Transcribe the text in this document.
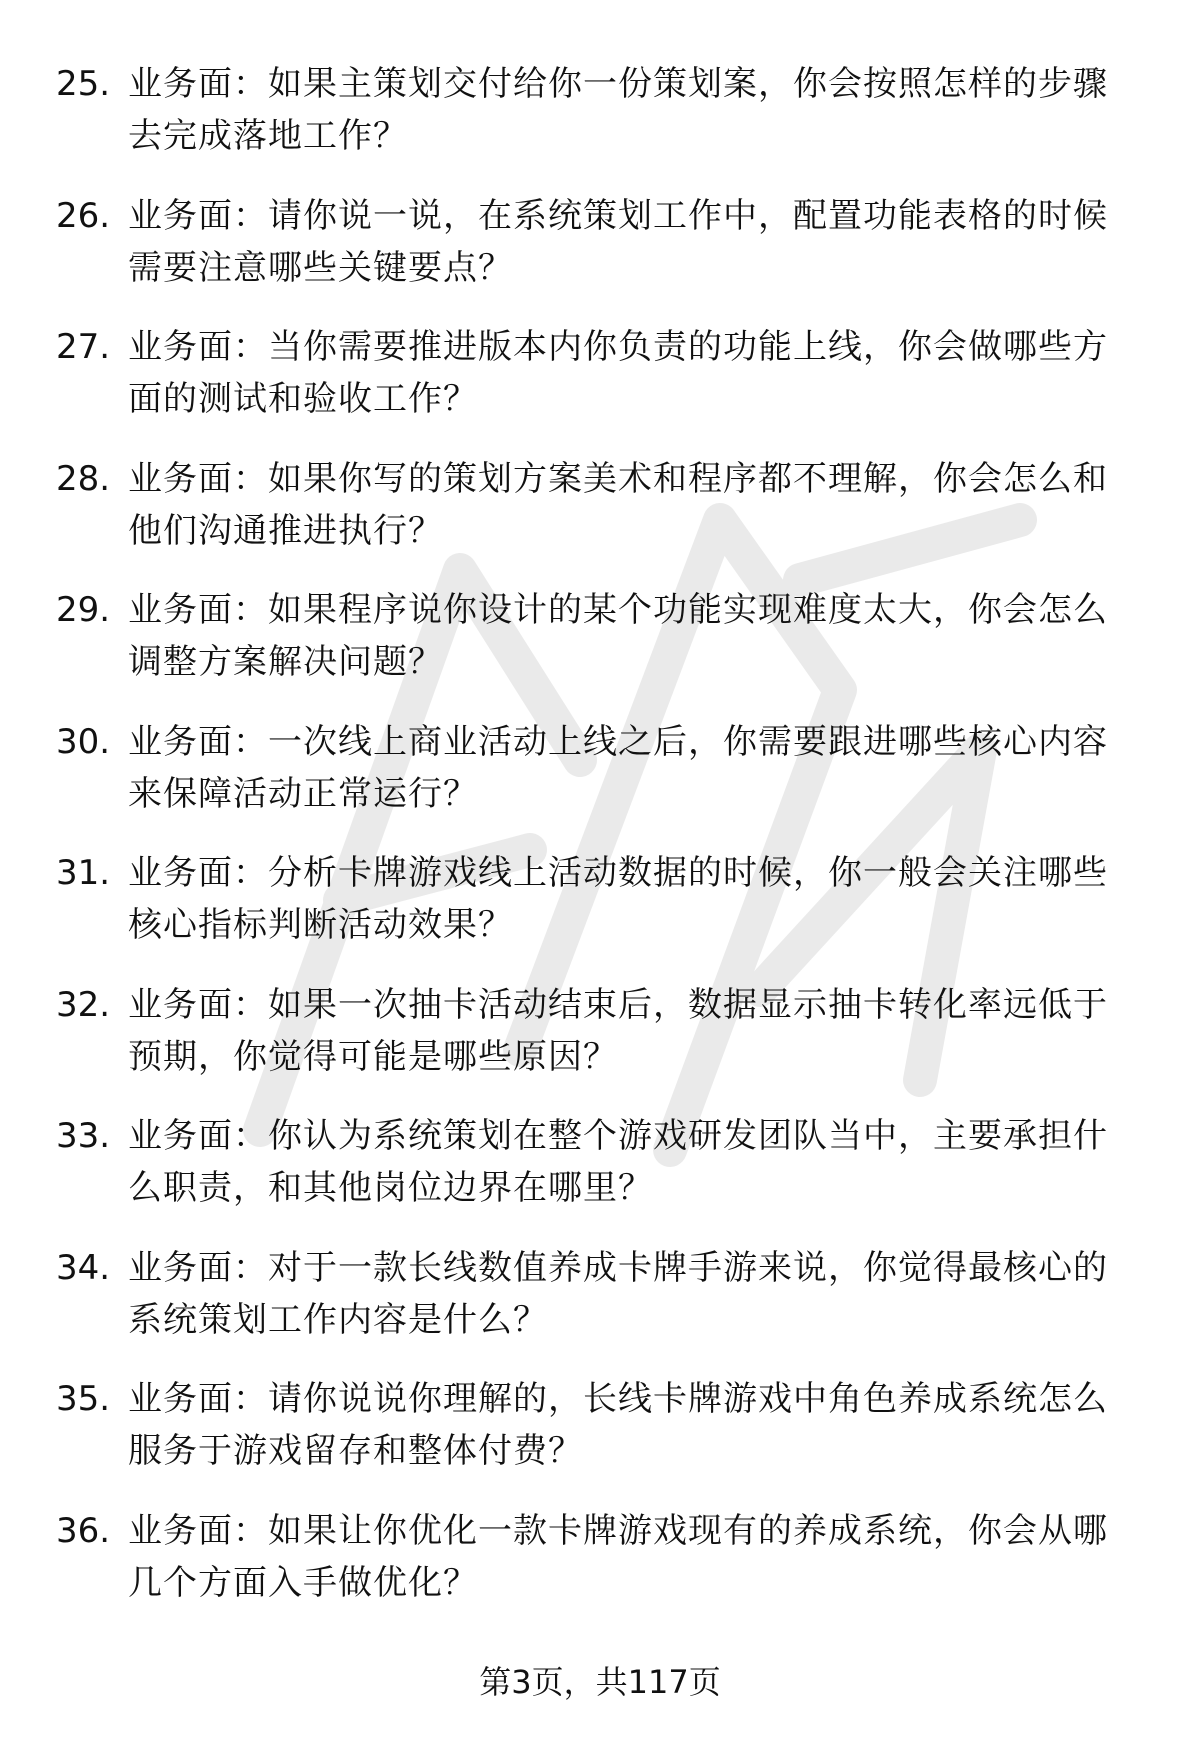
25. 业务面：如果主策划交付给你一份策划案，你会按照怎样的步骤去完成落地工作？
26. 业务面：请你说一说，在系统策划工作中，配置功能表格的时候需要注意哪些关键要点？
27. 业务面：当你需要推进版本内你负责的功能上线，你会做哪些方面的测试和验收工作？
28. 业务面：如果你写的策划方案美术和程序都不理解，你会怎么和他们沟通推进执行？
29. 业务面：如果程序说你设计的某个功能实现难度太大，你会怎么调整方案解决问题？
30. 业务面：一次线上商业活动上线之后，你需要跟进哪些核心内容来保障活动正常运行？
31. 业务面：分析卡牌游戏线上活动数据的时候，你一般会关注哪些核心指标判断活动效果？
32. 业务面：如果一次抽卡活动结束后，数据显示抽卡转化率远低于预期，你觉得可能是哪些原因？
33. 业务面：你认为系统策划在整个游戏研发团队当中，主要承担什么职责，和其他岗位边界在哪里？
34. 业务面：对于一款长线数值养成卡牌手游来说，你觉得最核心的系统策划工作内容是什么？
35. 业务面：请你说说你理解的，长线卡牌游戏中角色养成系统怎么服务于游戏留存和整体付费？
36. 业务面：如果让你优化一款卡牌游戏现有的养成系统，你会从哪几个方面入手做优化？
第3页，共117页
